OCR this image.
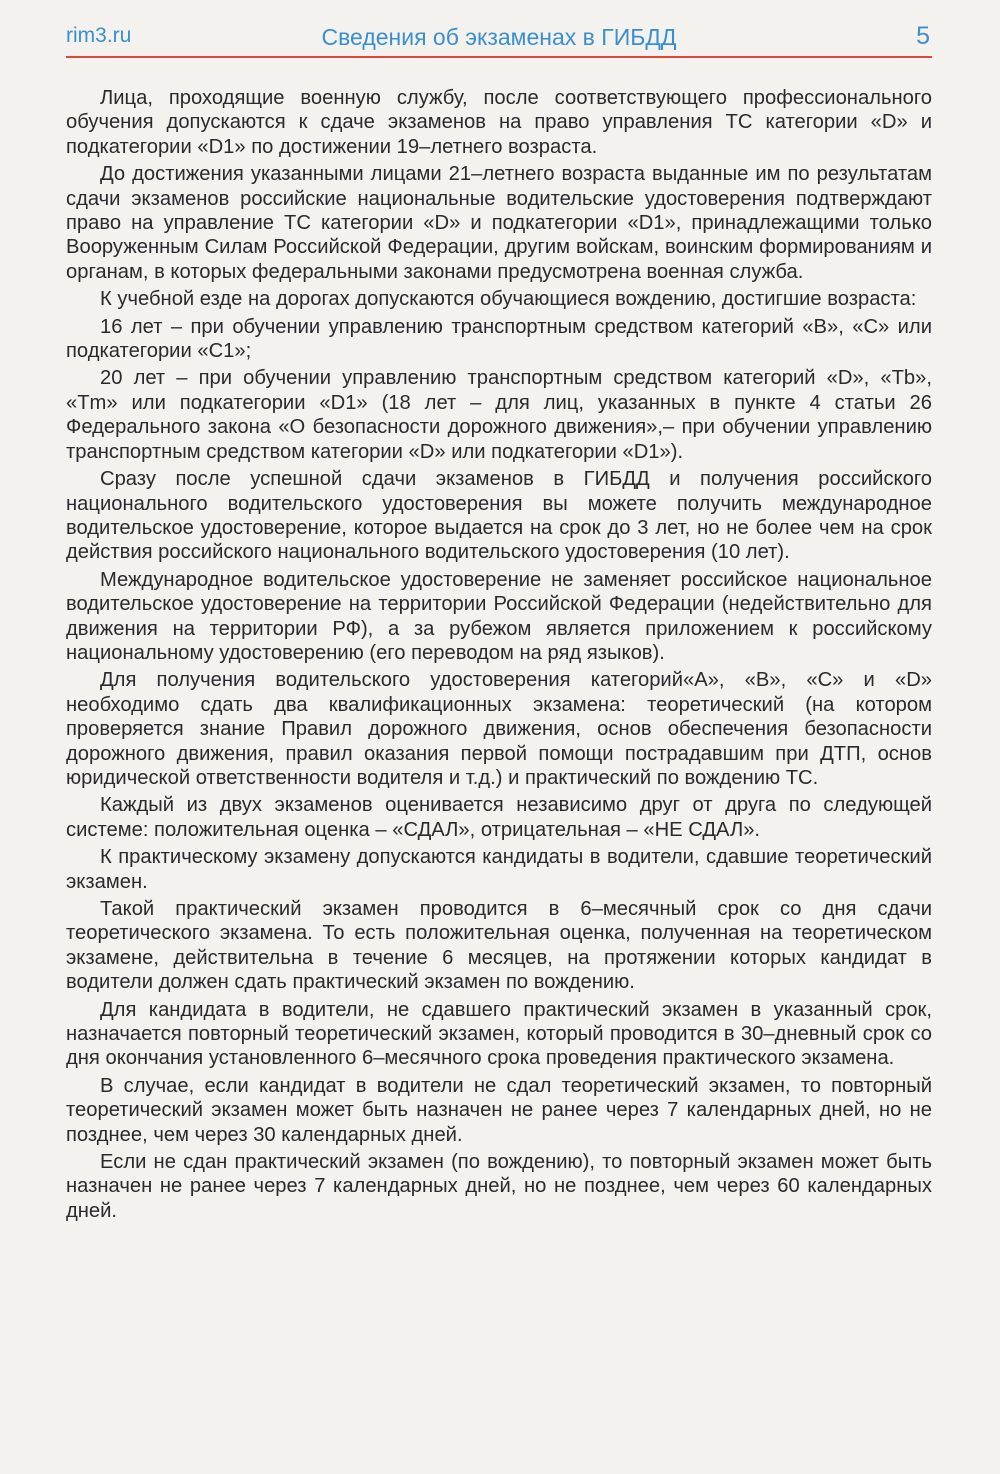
rim3.ru	Сведения об экзаменах в ГИБДД	5

Лица, проходящие военную службу, после соответствующего профессионального обучения допускаются к сдаче экзаменов на право управления ТС категории «D» и подкатегории «D1» по достижении 19–летнего возраста.

До достижения указанными лицами 21–летнего возраста выданные им по результатам сдачи экзаменов российские национальные водительские удостоверения подтверждают право на управление ТС категории «D» и подкатегории «D1», принадлежащими только Вооруженным Силам Российской Федерации, другим войскам, воинским формированиям и органам, в которых федеральными законами предусмотрена военная служба.

К учебной езде на дорогах допускаются обучающиеся вождению, достигшие возраста:

16 лет – при обучении управлению транспортным средством категорий «B», «C» или подкатегории «C1»;

20 лет – при обучении управлению транспортным средством категорий «D», «Tb», «Tm» или подкатегории «D1» (18 лет – для лиц, указанных в пункте 4 статьи 26 Федерального закона «О безопасности дорожного движения»,– при обучении управлению транспортным средством категории «D» или подкатегории «D1»).

Сразу после успешной сдачи экзаменов в ГИБДД и получения российского национального водительского удостоверения вы можете получить международное водительское удостоверение, которое выдается на срок до 3 лет, но не более чем на срок действия российского национального водительского удостоверения (10 лет).

Международное водительское удостоверение не заменяет российское национальное водительское удостоверение на территории Российской Федерации (недействительно для движения на территории РФ), а за рубежом является приложением к российскому национальному удостоверению (его переводом на ряд языков).

Для получения водительского удостоверения категорий«A», «B», «C» и «D» необходимо сдать два квалификационных экзамена: теоретический (на котором проверяется знание Правил дорожного движения, основ обеспечения безопасности дорожного движения, правил оказания первой помощи пострадавшим при ДТП, основ юридической ответственности водителя и т.д.) и практический по вождению ТС.

Каждый из двух экзаменов оценивается независимо друг от друга по следующей системе: положительная оценка – «СДАЛ», отрицательная – «НЕ СДАЛ».

К практическому экзамену допускаются кандидаты в водители, сдавшие теоретический экзамен.

Такой практический экзамен проводится в 6–месячный срок со дня сдачи теоретического экзамена. То есть положительная оценка, полученная на теоретическом экзамене, действительна в течение 6 месяцев, на протяжении которых кандидат в водители должен сдать практический экзамен по вождению.

Для кандидата в водители, не сдавшего практический экзамен в указанный срок, назначается повторный теоретический экзамен, который проводится в 30–дневный срок со дня окончания установленного 6–месячного срока проведения практического экзамена.

В случае, если кандидат в водители не сдал теоретический экзамен, то повторный теоретический экзамен может быть назначен не ранее через 7 календарных дней, но не позднее, чем через 30 календарных дней.

Если не сдан практический экзамен (по вождению), то повторный экзамен может быть назначен не ранее через 7 календарных дней, но не позднее, чем через 60 календарных дней.
